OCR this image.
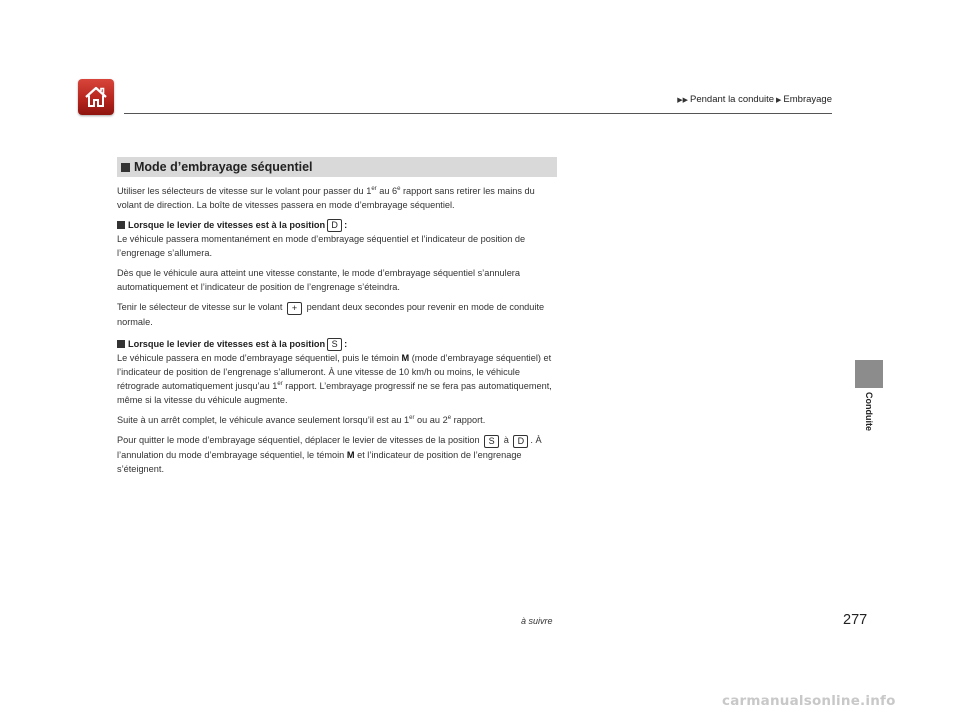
▶▶ Pendant la conduite ▶ Embrayage
Conduite
Mode d’embrayage séquentiel

Utiliser les sélecteurs de vitesse sur le volant pour passer du 1er au 6e rapport sans retirer les mains du volant de direction. La boîte de vitesses passera en mode d’embrayage séquentiel.

Lorsque le levier de vitesses est à la position D :

Le véhicule passera momentanément en mode d’embrayage séquentiel et l’indicateur de position de l’engrenage s’allumera.

Dès que le véhicule aura atteint une vitesse constante, le mode d’embrayage séquentiel s’annulera automatiquement et l’indicateur de position de l’engrenage s’éteindra.

Tenir le sélecteur de vitesse sur le volant + pendant deux secondes pour revenir en mode de conduite normale.

Lorsque le levier de vitesses est à la position S :

Le véhicule passera en mode d’embrayage séquentiel, puis le témoin M (mode d’embrayage séquentiel) et l’indicateur de position de l’engrenage s’allumeront. À une vitesse de 10 km/h ou moins, le véhicule rétrograde automatiquement jusqu’au 1er rapport. L’embrayage progressif ne se fera pas automatiquement, même si la vitesse du véhicule augmente.

Suite à un arrêt complet, le véhicule avance seulement lorsqu’il est au 1er ou au 2e rapport.

Pour quitter le mode d’embrayage séquentiel, déplacer le levier de vitesses de la position S à D . À l’annulation du mode d’embrayage séquentiel, le témoin M et l’indicateur de position de l’engrenage s’éteignent.

à suivre	277
carmanualsonline.info
